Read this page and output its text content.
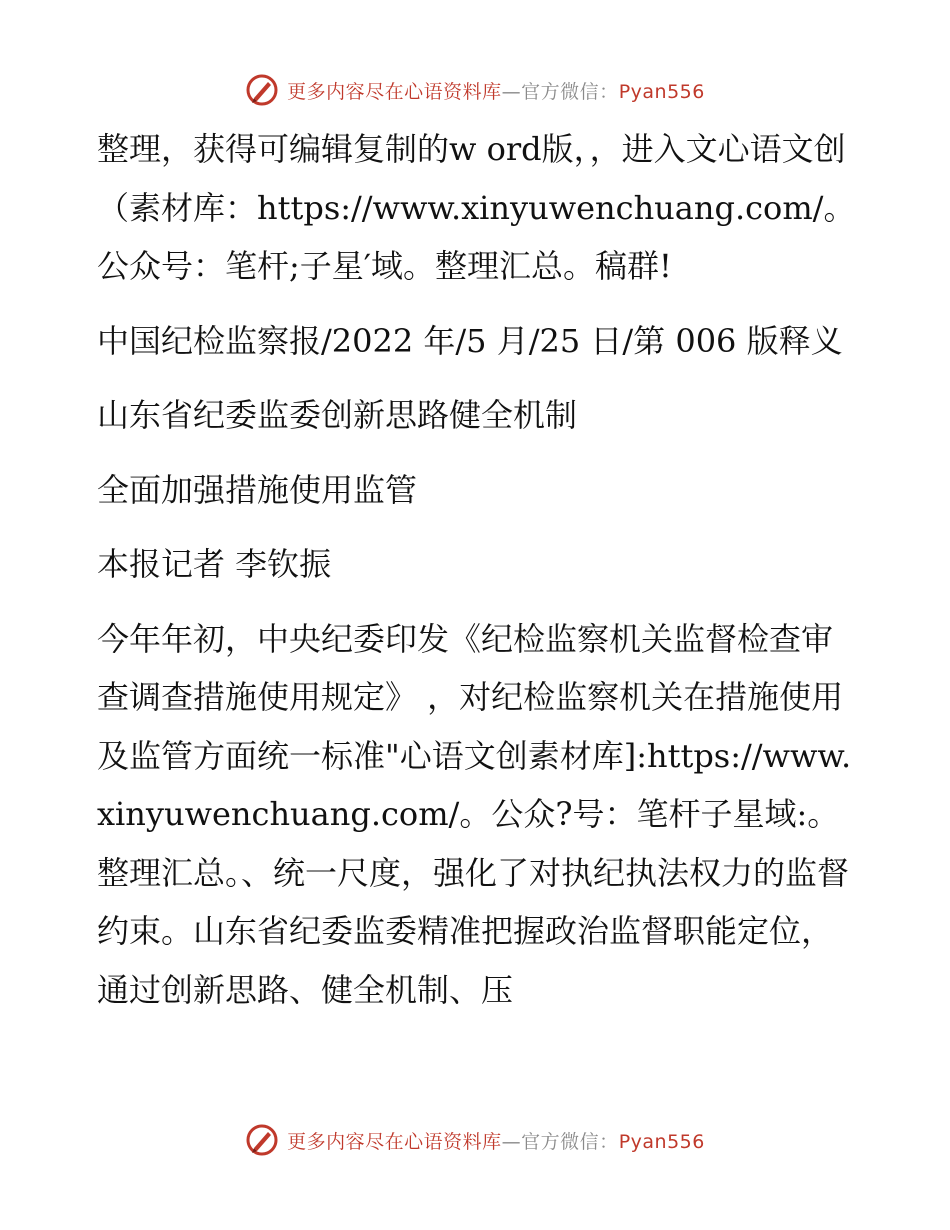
更多内容尽在心语资料库—官方微信：Pyan556

整理，获得可编辑复制的w ord版，，进入文心语文创（素材库：https://www.xinyuwenchuang.com/。公众号：笔杆;子星′域。整理汇总。稿群!

中国纪检监察报/2022 年/5 月/25 日/第 006 版释义

山东省纪委监委创新思路健全机制

全面加强措施使用监管

本报记者 李钦振

今年年初，中央纪委印发《纪检监察机关监督检查审查调查措施使用规定》 ，对纪检监察机关在措施使用及监管方面统一标准"心语文创素材库]:https://www.xinyuwenchuang.com/。公众?号：笔杆子星域:。整理汇总。、统一尺度，强化了对执纪执法权力的监督约束。山东省纪委监委精准把握政治监督职能定位，通过创新思路、健全机制、压

更多内容尽在心语资料库—官方微信：Pyan556
